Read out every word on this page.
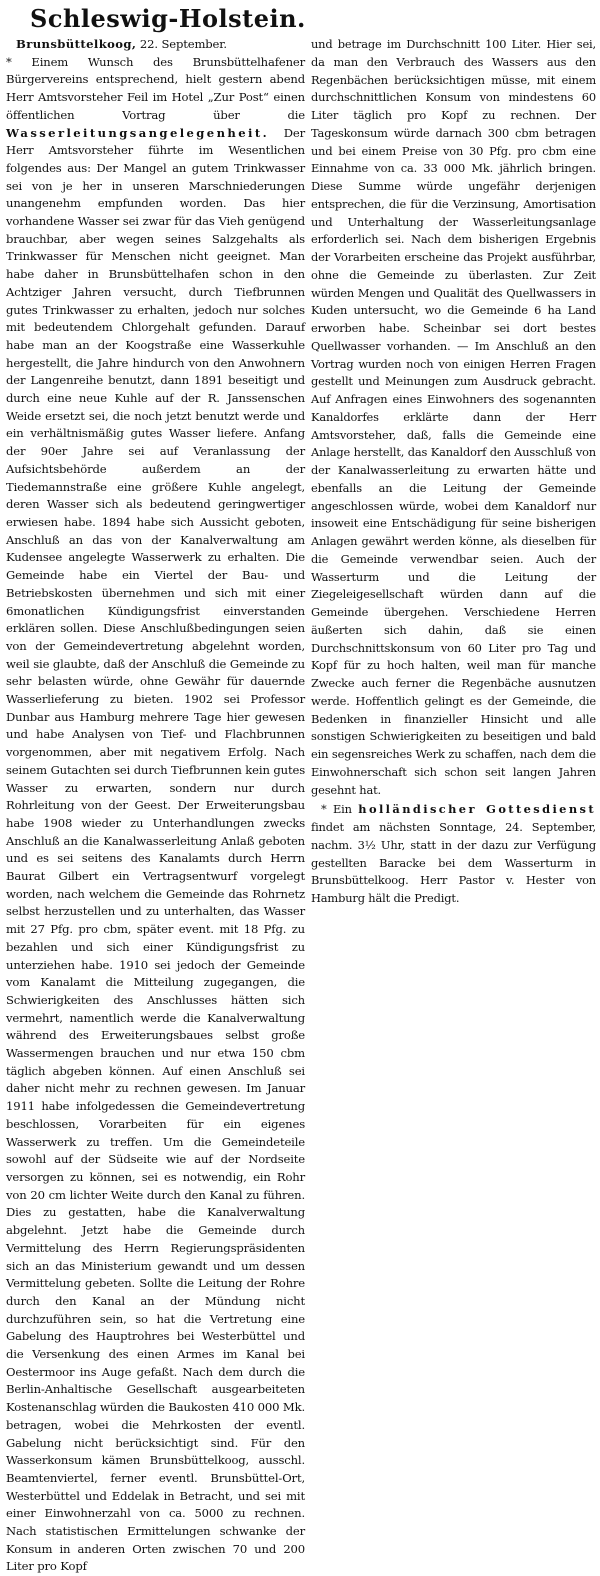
Schleswig-Holstein.

Brunsbüttelkoog, 22. September.
* Einem Wunsch des Brunsbüttelhafener Bürgervereins entsprechend, hielt gestern abend Herr Amtsvorsteher Feil im Hotel „Zur Post“ einen öffentlichen Vortrag über die Wasserleitungsangelegenheit. Der Herr Amtsvorsteher führte im Wesentlichen folgendes aus: Der Mangel an gutem Trinkwasser sei von je her in unseren Marschniederungen unangenehm empfunden worden. Das hier vorhandene Wasser sei zwar für das Vieh genügend brauchbar, aber wegen seines Salzgehalts als Trinkwasser für Menschen nicht geeignet. Man habe daher in Brunsbüttelhafen schon in den Achtziger Jahren versucht, durch Tiefbrunnen gutes Trinkwasser zu erhalten, jedoch nur solches mit bedeutendem Chlorgehalt gefunden. Darauf habe man an der Koogstraße eine Wasserkuhle hergestellt, die Jahre hindurch von den Anwohnern der Langenreihe benutzt, dann 1891 beseitigt und durch eine neue Kuhle auf der R. Janssenschen Weide ersetzt sei, die noch jetzt benutzt werde und ein verhältnismäßig gutes Wasser liefere. Anfang der 90er Jahre sei auf Veranlassung der Aufsichtsbehörde außerdem an der Tiedemannstraße eine größere Kuhle angelegt, deren Wasser sich als bedeutend geringwertiger erwiesen habe. 1894 habe sich Aussicht geboten, Anschluß an das von der Kanalverwaltung am Kudensee angelegte Wasserwerk zu erhalten. Die Gemeinde habe ein Viertel der Bau- und Betriebskosten übernehmen und sich mit einer 6monatlichen Kündigungsfrist einverstanden erklären sollen. Diese Anschlußbedingungen seien von der Gemeindevertretung abgelehnt worden, weil sie glaubte, daß der Anschluß die Gemeinde zu sehr belasten würde, ohne Gewähr für dauernde Wasserlieferung zu bieten. 1902 sei Professor Dunbar aus Hamburg mehrere Tage hier gewesen und habe Analysen von Tief- und Flachbrunnen vorgenommen, aber mit negativem Erfolg. Nach seinem Gutachten sei durch Tiefbrunnen kein gutes Wasser zu erwarten, sondern nur durch Rohrleitung von der Geest. Der Erweiterungsbau habe 1908 wieder zu Unterhandlungen zwecks Anschluß an die Kanalwasserleitung Anlaß geboten und es sei seitens des Kanalamts durch Herrn Baurat Gilbert ein Vertragsentwurf vorgelegt worden, nach welchem die Gemeinde das Rohrnetz selbst herzustellen und zu unterhalten, das Wasser mit 27 Pfg. pro cbm, später event. mit 18 Pfg. zu bezahlen und sich einer Kündigungsfrist zu unterziehen habe. 1910 sei jedoch der Gemeinde vom Kanalamt die Mitteilung zugegangen, die Schwierigkeiten des Anschlusses hätten sich vermehrt, namentlich werde die Kanalverwaltung während des Erweiterungsbaues selbst große Wassermengen brauchen und nur etwa 150 cbm täglich abgeben können. Auf einen Anschluß sei daher nicht mehr zu rechnen gewesen. Im Januar 1911 habe infolgedessen die Gemeindevertretung beschlossen, Vorarbeiten für ein eigenes Wasserwerk zu treffen. Um die Gemeindeteile sowohl auf der Südseite wie auf der Nordseite versorgen zu können, sei es notwendig, ein Rohr von 20 cm lichter Weite durch den Kanal zu führen. Dies zu gestatten, habe die Kanalverwaltung abgelehnt. Jetzt habe die Gemeinde durch Vermittelung des Herrn Regierungspräsidenten sich an das Ministerium gewandt und um dessen Vermittelung gebeten. Sollte die Leitung der Rohre durch den Kanal an der Mündung nicht durchzuführen sein, so hat die Vertretung eine Gabelung des Hauptrohres bei Westerbüttel und die Versenkung des einen Armes im Kanal bei Oestermoor ins Auge gefaßt. Nach dem durch die Berlin-Anhaltische Gesellschaft ausgearbeiteten Kostenanschlag würden die Baukosten 410 000 Mk. betragen, wobei die Mehrkosten der eventl. Gabelung nicht berücksichtigt sind. Für den Wasserkonsum kämen Brunsbüttelkoog, ausschl. Beamtenviertel, ferner eventl. Brunsbüttel-Ort, Westerbüttel und Eddelak in Betracht, und sei mit einer Einwohnerzahl von ca. 5000 zu rechnen. Nach statistischen Ermittelungen schwanke der Konsum in anderen Orten zwischen 70 und 200 Liter pro Kopf

und betrage im Durchschnitt 100 Liter. Hier sei, da man den Verbrauch des Wassers aus den Regenbächen berücksichtigen müsse, mit einem durchschnittlichen Konsum von mindestens 60 Liter täglich pro Kopf zu rechnen. Der Tageskonsum würde darnach 300 cbm betragen und bei einem Preise von 30 Pfg. pro cbm eine Einnahme von ca. 33 000 Mk. jährlich bringen. Diese Summe würde ungefähr derjenigen entsprechen, die für die Verzinsung, Amortisation und Unterhaltung der Wasserleitungsanlage erforderlich sei. Nach dem bisherigen Ergebnis der Vorarbeiten erscheine das Projekt ausführbar, ohne die Gemeinde zu überlasten. Zur Zeit würden Mengen und Qualität des Quellwassers in Kuden untersucht, wo die Gemeinde 6 ha Land erworben habe. Scheinbar sei dort bestes Quellwasser vorhanden. — Im Anschluß an den Vortrag wurden noch von einigen Herren Fragen gestellt und Meinungen zum Ausdruck gebracht. Auf Anfragen eines Einwohners des sogenannten Kanaldorfes erklärte dann der Herr Amtsvorsteher, daß, falls die Gemeinde eine Anlage herstellt, das Kanaldorf den Ausschluß von der Kanalwasserleitung zu erwarten hätte und ebenfalls an die Leitung der Gemeinde angeschlossen würde, wobei dem Kanaldorf nur insoweit eine Entschädigung für seine bisherigen Anlagen gewährt werden könne, als dieselben für die Gemeinde verwendbar seien. Auch der Wasserturm und die Leitung der Ziegeleigesellschaft würden dann auf die Gemeinde übergehen. Verschiedene Herren äußerten sich dahin, daß sie einen Durchschnittskonsum von 60 Liter pro Tag und Kopf für zu hoch halten, weil man für manche Zwecke auch ferner die Regenbäche ausnutzen werde. Hoffentlich gelingt es der Gemeinde, die Bedenken in finanzieller Hinsicht und alle sonstigen Schwierigkeiten zu beseitigen und bald ein segensreiches Werk zu schaffen, nach dem die Einwohnerschaft sich schon seit langen Jahren gesehnt hat.

* Ein holländischer Gottesdienst findet am nächsten Sonntage, 24. September, nachm. 3½ Uhr, statt in der dazu zur Verfügung gestellten Baracke bei dem Wasserturm in Brunsbüttelkoog. Herr Pastor v. Hester von Hamburg hält die Predigt.
